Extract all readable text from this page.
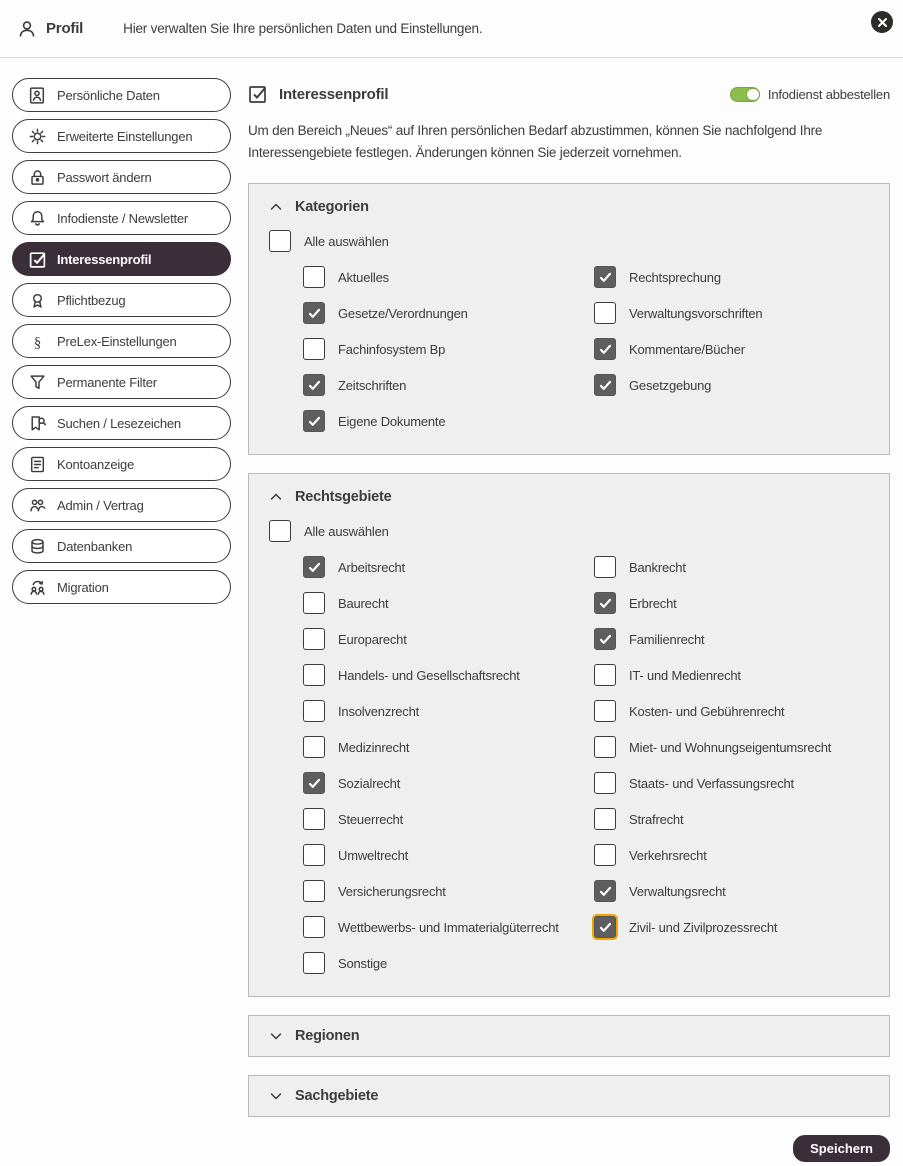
Profil	Hier verwalten Sie Ihre persönlichen Daten und Einstellungen.
Persönliche Daten
Erweiterte Einstellungen
Passwort ändern
Infodienste / Newsletter
Interessenprofil
Pflichtbezug
§ PreLex-Einstellungen
Permanente Filter
Suchen / Lesezeichen
Kontoanzeige
Admin / Vertrag
Datenbanken
Migration
Interessenprofil	Infodienst abbestellen

Um den Bereich „Neues“ auf Ihren persönlichen Bedarf abzustimmen, können Sie nachfolgend Ihre Interessengebiete festlegen. Änderungen können Sie jederzeit vornehmen.

Kategorien
Alle auswählen
Aktuelles	Rechtsprechung
Gesetze/Verordnungen	Verwaltungsvorschriften
Fachinfosystem Bp	Kommentare/Bücher
Zeitschriften	Gesetzgebung
Eigene Dokumente
Rechtsgebiete
Alle auswählen
Arbeitsrecht	Bankrecht
Baurecht	Erbrecht
Europarecht	Familienrecht
Handels- und Gesellschaftsrecht	IT- und Medienrecht
Insolvenzrecht	Kosten- und Gebührenrecht
Medizinrecht	Miet- und Wohnungseigentumsrecht
Sozialrecht	Staats- und Verfassungsrecht
Steuerrecht	Strafrecht
Umweltrecht	Verkehrsrecht
Versicherungsrecht	Verwaltungsrecht
Wettbewerbs- und Immaterialgüterrecht	Zivil- und Zivilprozessrecht
Sonstige
Regionen
Sachgebiete
Speichern
